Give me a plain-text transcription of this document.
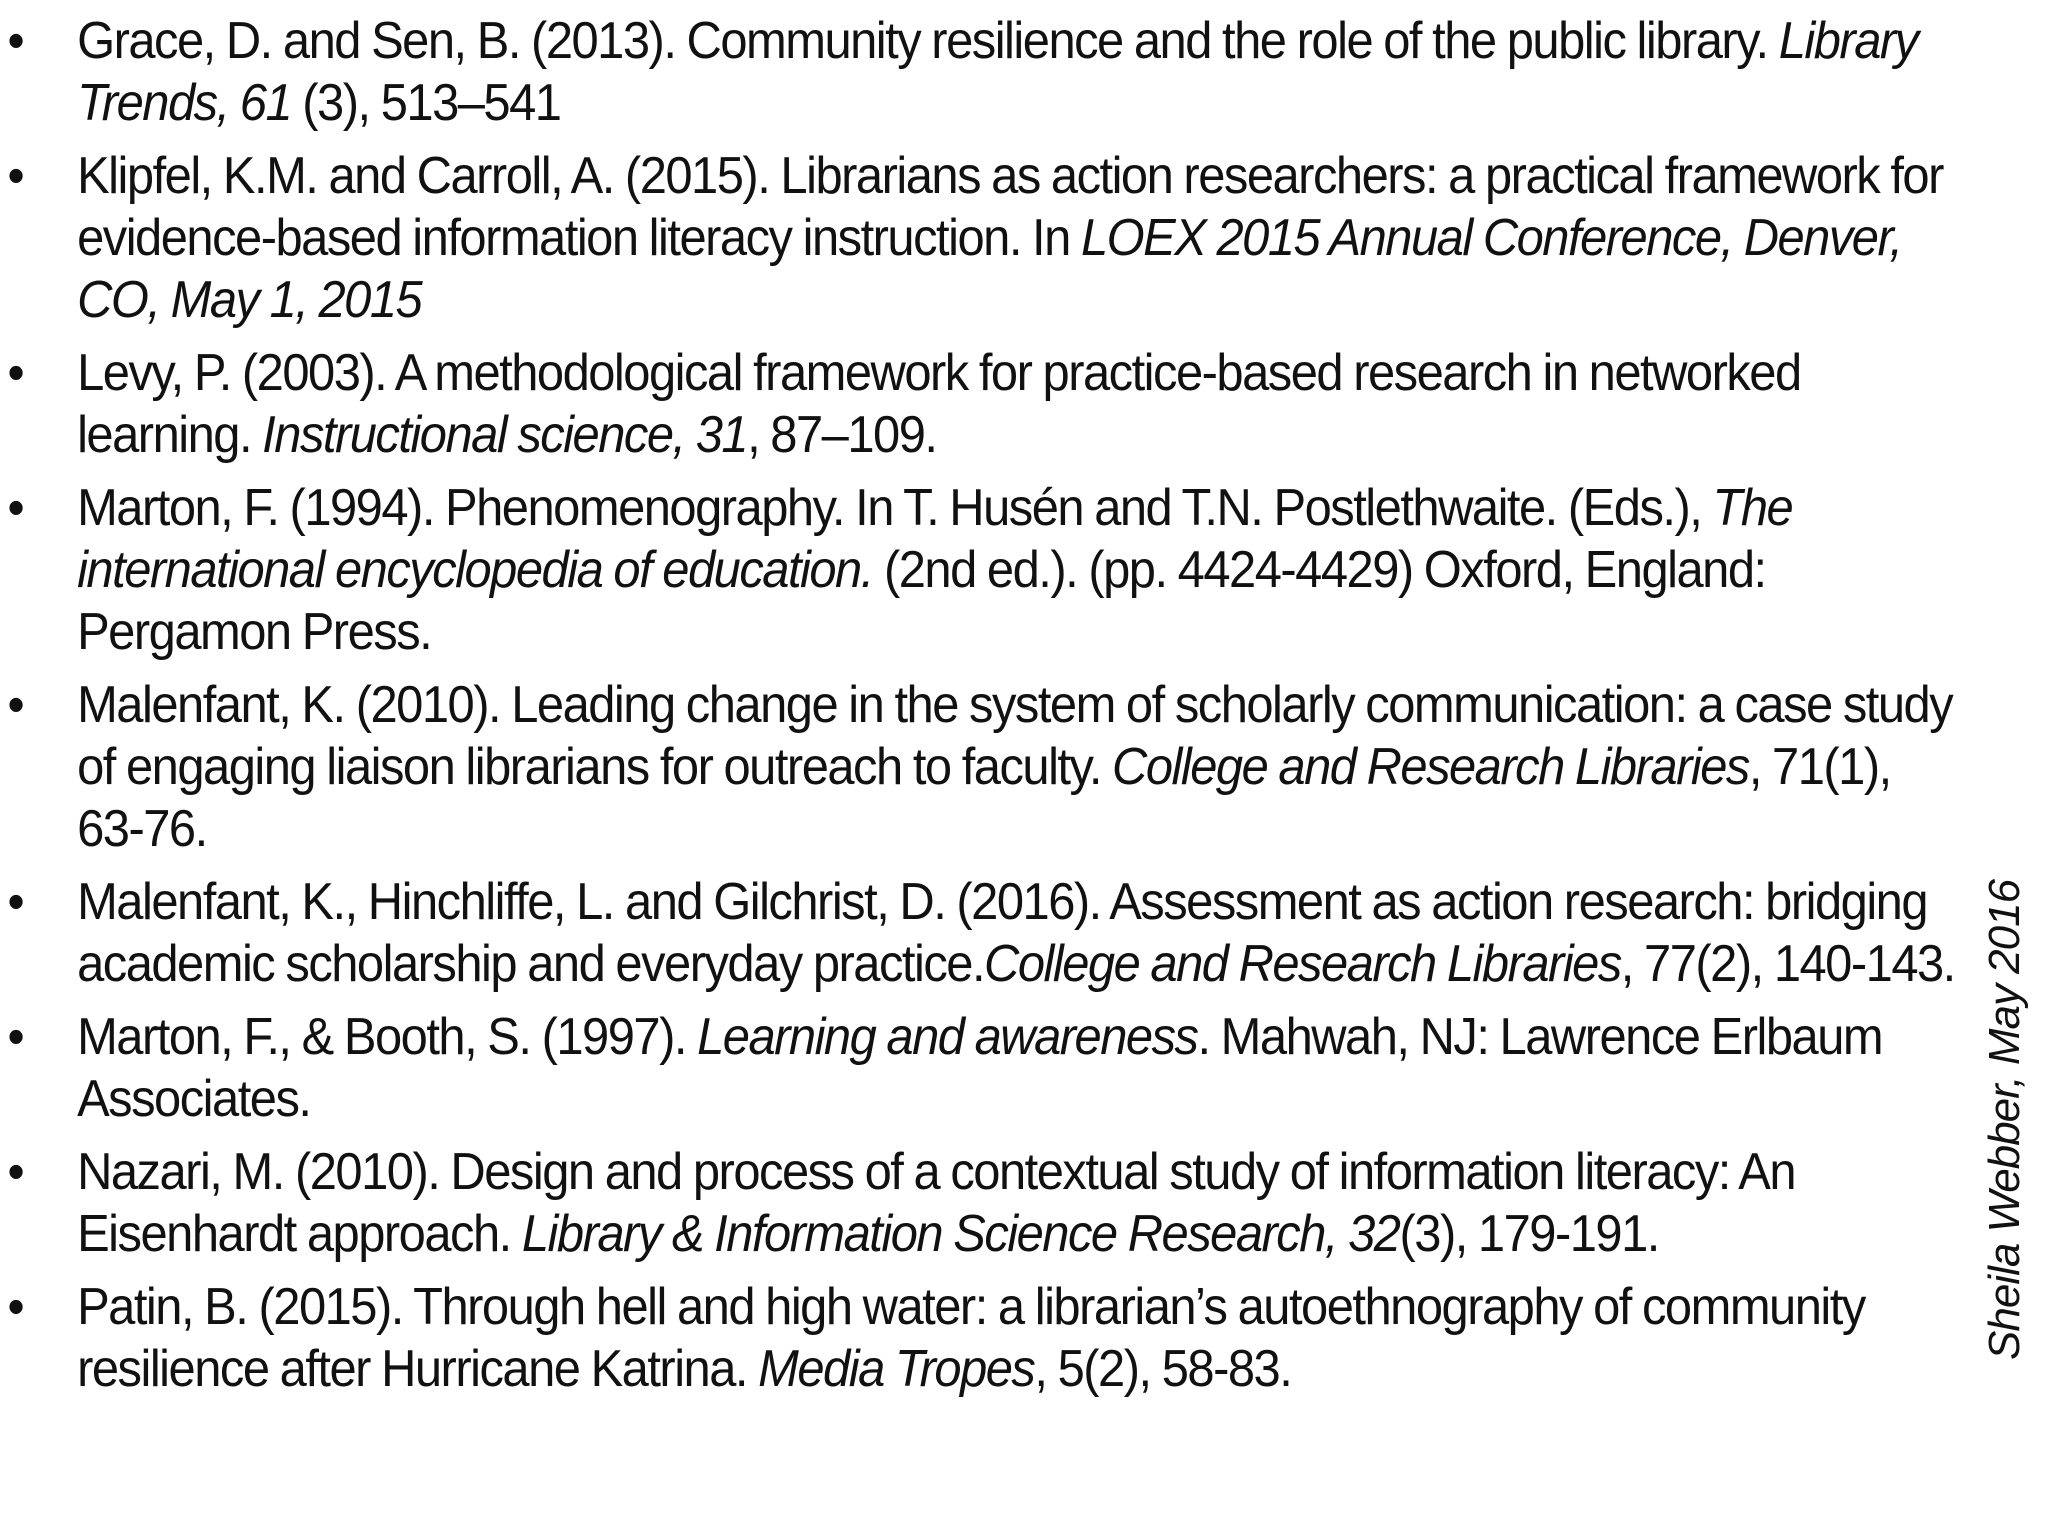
• Grace, D. and Sen, B. (2013). Community resilience and the role of the public library. Library Trends, 61 (3), 513–541
• Klipfel, K.M. and Carroll, A. (2015). Librarians as action researchers: a practical framework for evidence-based information literacy instruction. In LOEX 2015 Annual Conference, Denver, CO, May 1, 2015
• Levy, P. (2003). A methodological framework for practice-based research in networked learning. Instructional science, 31, 87–109.
• Marton, F. (1994). Phenomenography. In T. Husén and T.N. Postlethwaite. (Eds.), The international encyclopedia of education. (2nd ed.). (pp. 4424-4429) Oxford, England: Pergamon Press.
• Malenfant, K. (2010). Leading change in the system of scholarly communication: a case study of engaging liaison librarians for outreach to faculty. College and Research Libraries, 71(1), 63-76.
• Malenfant, K., Hinchliffe, L. and Gilchrist, D. (2016). Assessment as action research: bridging academic scholarship and everyday practice.College and Research Libraries, 77(2), 140-143.
• Marton, F., & Booth, S. (1997). Learning and awareness. Mahwah, NJ: Lawrence Erlbaum Associates.
• Nazari, M. (2010). Design and process of a contextual study of information literacy: An Eisenhardt approach. Library & Information Science Research, 32(3), 179-191.
• Patin, B. (2015). Through hell and high water: a librarian’s autoethnography of community resilience after Hurricane Katrina. Media Tropes, 5(2), 58-83.
Sheila Webber, May 2016
